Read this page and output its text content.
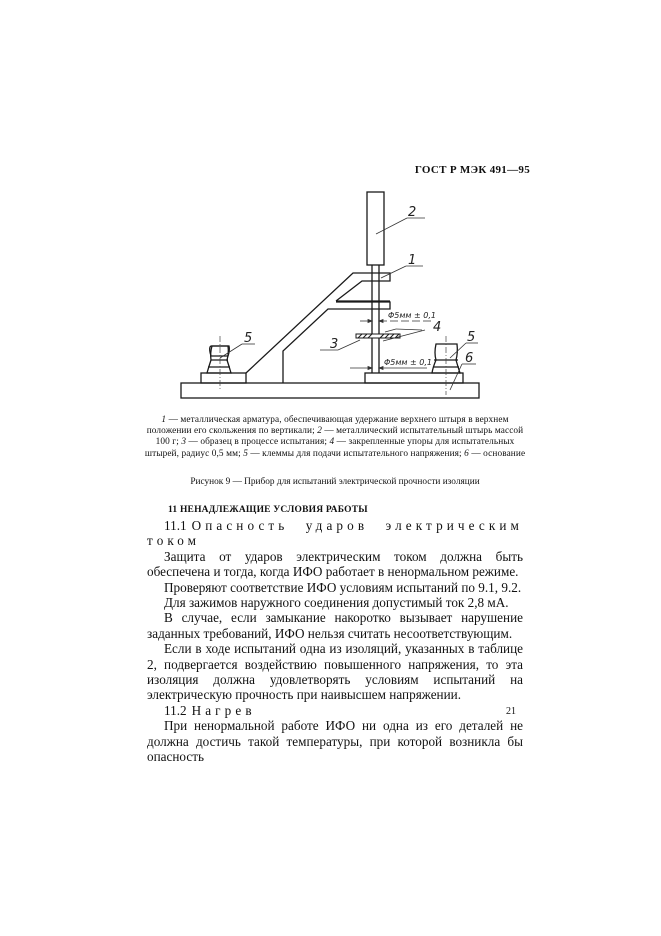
ГОСТ Р МЭК 491—95
2
1
4
3
5	5
6
Φ5мм ± 0,1
Φ5мм ± 0,1
1 — металлическая арматура, обеспечивающая удержание верхнего штыря в верхнем положении его скольжения по вертикали; 2 — металлический испытательный штырь массой 100 г; 3 — образец в процессе испытания; 4 — закрепленные упоры для испытательных штырей, радиус 0,5 мм; 5 — клеммы для подачи испытательного напряжения; 6 — основание
Рисунок 9 — Прибор для испытаний электрической прочности изоляции
11 НЕНАДЛЕЖАЩИЕ УСЛОВИЯ РАБОТЫ

11.1 Опасность ударов электрическим током

Защита от ударов электрическим током должна быть обеспечена и тогда, когда ИФО работает в ненормальном режиме.

Проверяют соответствие ИФО условиям испытаний по 9.1, 9.2.

Для зажимов наружного соединения допустимый ток 2,8 мА.

В случае, если замыкание накоротко вызывает нарушение заданных требований, ИФО нельзя считать несоответствующим.

Если в ходе испытаний одна из изоляций, указанных в таблице 2, подвергается воздействию повышенного напряжения, то эта изоляция должна удовлетворять условиям испытаний на электрическую прочность при наивысшем напряжении.

11.2 Нагрев

При ненормальной работе ИФО ни одна из его деталей не должна достичь такой температуры, при которой возникла бы опасность

21
